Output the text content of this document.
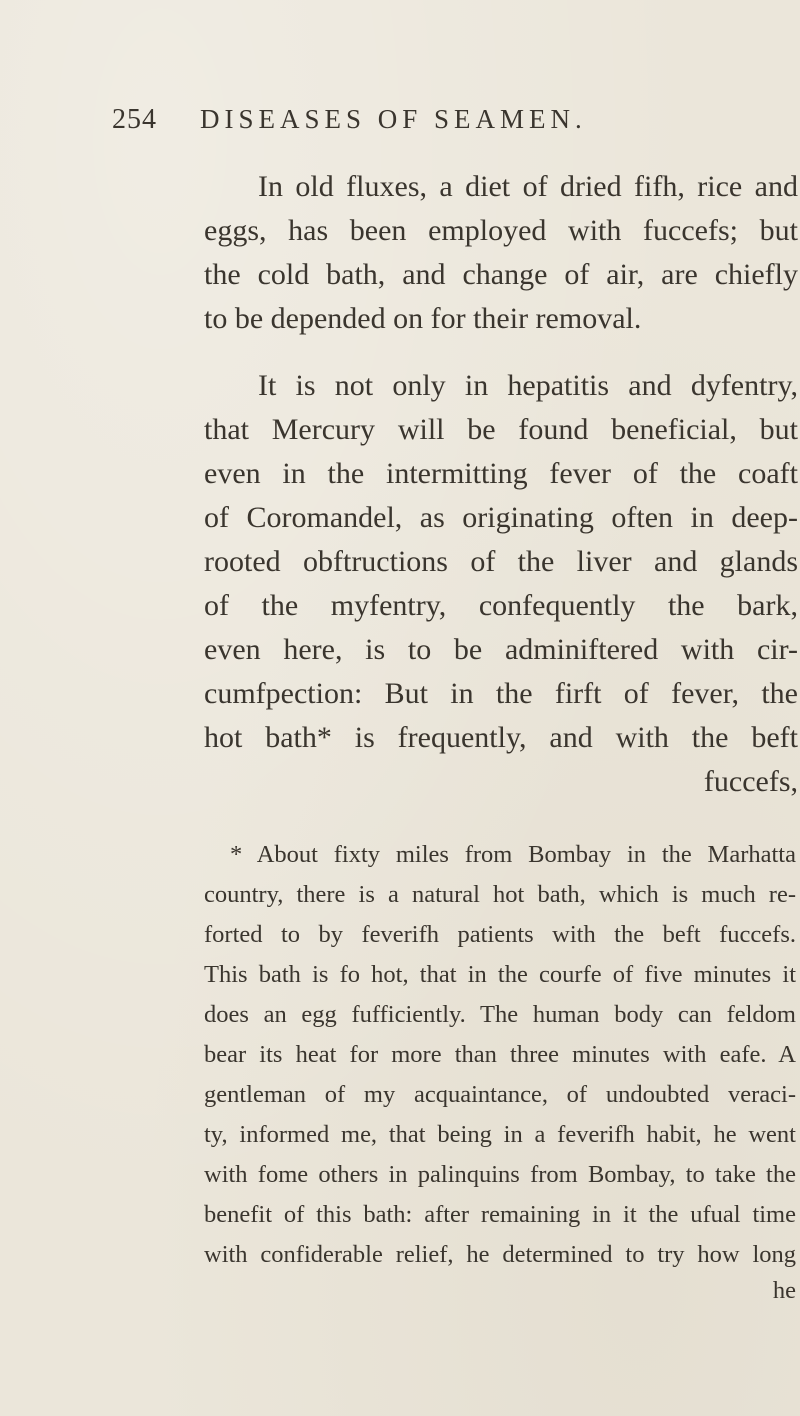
254 DISEASES OF SEAMEN.
In old fluxes, a diet of dried fifh, rice and
eggs, has been employed with fuccefs; but
the cold bath, and change of air, are chiefly
to be depended on for their removal.
It is not only in hepatitis and dyfentry,
that Mercury will be found beneficial, but
even in the intermitting fever of the coaft
of Coromandel, as originating often in deep-
rooted obftructions of the liver and glands
of the myfentry, confequently the bark,
even here, is to be adminiftered with cir-
cumfpection: But in the firft of fever, the
hot bath* is frequently, and with the beft
fuccefs,
* About fixty miles from Bombay in the Marhatta
country, there is a natural hot bath, which is much re-
forted to by feverifh patients with the beft fuccefs.
This bath is fo hot, that in the courfe of five minutes it
does an egg fufficiently. The human body can feldom
bear its heat for more than three minutes with eafe. A
gentleman of my acquaintance, of undoubted veraci-
ty, informed me, that being in a feverifh habit, he went
with fome others in palinquins from Bombay, to take the
benefit of this bath: after remaining in it the ufual time
with confiderable relief, he determined to try how long
he
